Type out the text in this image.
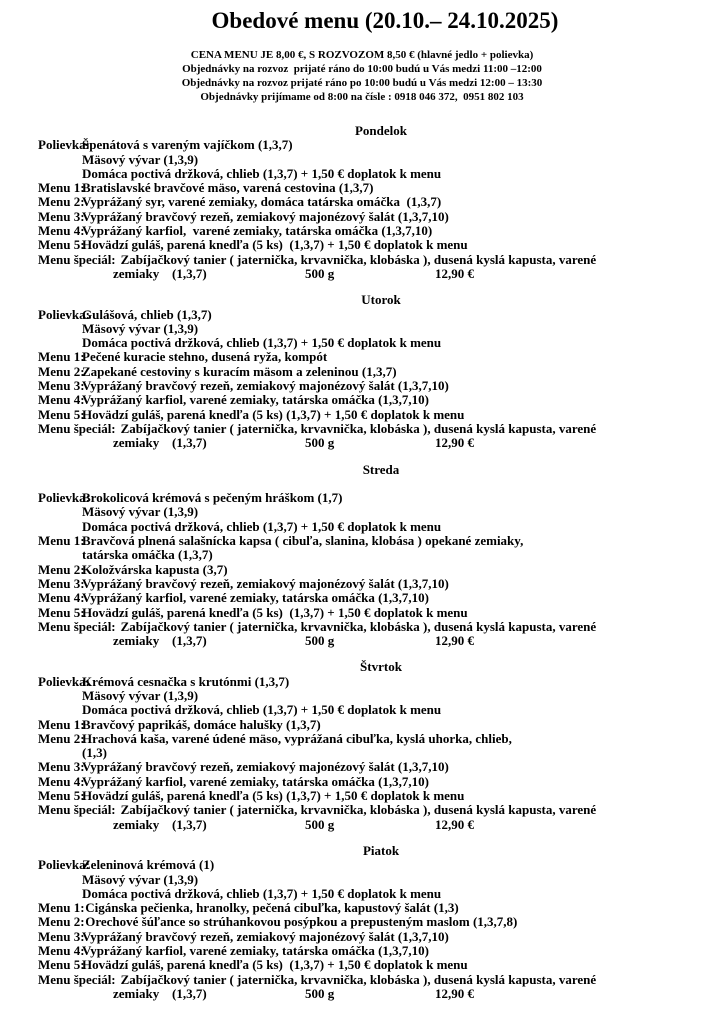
Obedové menu (20.10.– 24.10.2025)
CENA MENU JE 8,00 €, S ROZVOZOM 8,50 € (hlavné jedlo + polievka)
Objednávky na rozvoz  prijaté ráno do 10:00 budú u Vás medzi 11:00 –12:00
Objednávky na rozvoz prijaté ráno po 10:00 budú u Vás medzi 12:00 – 13:30
Objednávky prijímame od 8:00 na čísle : 0918 046 372,  0951 802 103
Pondelok
Polievka:
Špenátová s vareným vajíčkom (1,3,7)
Mäsový vývar (1,3,9)
Domáca poctivá držková, chlieb (1,3,7) + 1,50 € doplatok k menu
Menu 1:
Bratislavské bravčové mäso, varená cestovina (1,3,7)
Menu 2:
Vyprážaný syr, varené zemiaky, domáca tatárska omáčka  (1,3,7)
Menu 3:
Vyprážaný bravčový rezeň, zemiakový majonézový šalát (1,3,7,10)
Menu 4:
Vyprážaný karfiol,  varené zemiaky, tatárska omáčka (1,3,7,10)
Menu 5:
Hovädzí guláš, parená knedľa (5 ks)  (1,3,7) + 1,50 € doplatok k menu
Menu špeciál: Zabíjačkový tanier ( jaternička, krvavnička, klobáska ), dusená kyslá kapusta, varené
zemiaky (1,3,7)	500 g	12,90 €
Utorok
Polievka:
Gulášová, chlieb (1,3,7)
Mäsový vývar (1,3,9)
Domáca poctivá držková, chlieb (1,3,7) + 1,50 € doplatok k menu
Menu 1:
Pečené kuracie stehno, dusená ryža, kompót
Menu 2:
Zapekané cestoviny s kuracím mäsom a zeleninou (1,3,7)
Menu 3:
Vyprážaný bravčový rezeň, zemiakový majonézový šalát (1,3,7,10)
Menu 4:
Vyprážaný karfiol, varené zemiaky, tatárska omáčka (1,3,7,10)
Menu 5:
Hovädzí guláš, parená knedľa (5 ks) (1,3,7) + 1,50 € doplatok k menu
Menu špeciál: Zabíjačkový tanier ( jaternička, krvavnička, klobáska ), dusená kyslá kapusta, varené
zemiaky (1,3,7)	500 g	12,90 €
Streda
Polievka:
Brokolicová krémová s pečeným hráškom (1,7)
Mäsový vývar (1,3,9)
Domáca poctivá držková, chlieb (1,3,7) + 1,50 € doplatok k menu
Menu 1:
Bravčová plnená salašnícka kapsa ( cibuľa, slanina, klobása ) opekané zemiaky,
tatárska omáčka (1,3,7)
Menu 2:
Koložvárska kapusta (3,7)
Menu 3:
Vyprážaný bravčový rezeň, zemiakový majonézový šalát (1,3,7,10)
Menu 4:
Vyprážaný karfiol, varené zemiaky, tatárska omáčka (1,3,7,10)
Menu 5:
Hovädzí guláš, parená knedľa (5 ks)  (1,3,7) + 1,50 € doplatok k menu
Menu špeciál: Zabíjačkový tanier ( jaternička, krvavnička, klobáska ), dusená kyslá kapusta, varené
zemiaky (1,3,7)	500 g	12,90 €
Štvrtok
Polievka:
Krémová cesnačka s krutónmi (1,3,7)
Mäsový vývar (1,3,9)
Domáca poctivá držková, chlieb (1,3,7) + 1,50 € doplatok k menu
Menu 1:
Bravčový paprikáš, domáce halušky (1,3,7)
Menu 2:
Hrachová kaša, varené údené mäso, vyprážaná cibuľka, kyslá uhorka, chlieb,
(1,3)
Menu 3:
Vyprážaný bravčový rezeň, zemiakový majonézový šalát (1,3,7,10)
Menu 4:
Vyprážaný karfiol, varené zemiaky, tatárska omáčka (1,3,7,10)
Menu 5:
Hovädzí guláš, parená knedľa (5 ks) (1,3,7) + 1,50 € doplatok k menu
Menu špeciál: Zabíjačkový tanier ( jaternička, krvavnička, klobáska ), dusená kyslá kapusta, varené
zemiaky (1,3,7)	500 g	12,90 €
Piatok
Polievka:
Zeleninová krémová (1)
Mäsový vývar (1,3,9)
Domáca poctivá držková, chlieb (1,3,7) + 1,50 € doplatok k menu
Menu 1:
Cigánska pečienka, hranolky, pečená cibuľka, kapustový šalát (1,3)
Menu 2:
Orechové šúľance so strúhankovou posýpkou a prepusteným maslom (1,3,7,8)
Menu 3:
Vyprážaný bravčový rezeň, zemiakový majonézový šalát (1,3,7,10)
Menu 4:
Vyprážaný karfiol, varené zemiaky, tatárska omáčka (1,3,7,10)
Menu 5:
Hovädzí guláš, parená knedľa (5 ks)  (1,3,7) + 1,50 € doplatok k menu
Menu špeciál: Zabíjačkový tanier ( jaternička, krvavnička, klobáska ), dusená kyslá kapusta, varené
zemiaky (1,3,7)	500 g	12,90 €
